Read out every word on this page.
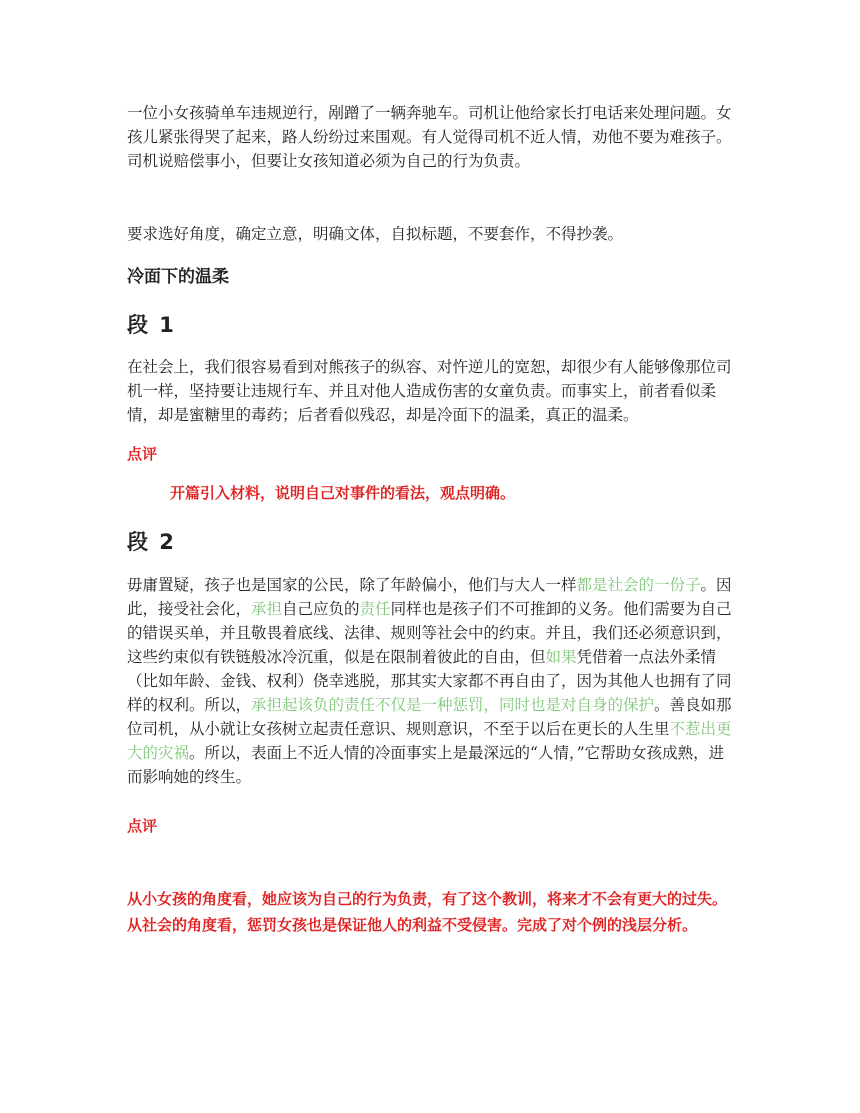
一位小女孩骑单车违规逆行，剐蹭了一辆奔驰车。司机让他给家长打电话来处理问题。女孩儿紧张得哭了起来，路人纷纷过来围观。有人觉得司机不近人情，劝他不要为难孩子。司机说赔偿事小，但要让女孩知道必须为自己的行为负责。
要求选好角度，确定立意，明确文体，自拟标题，不要套作，不得抄袭。
冷面下的温柔
段 1
在社会上，我们很容易看到对熊孩子的纵容、对忤逆儿的宽恕，却很少有人能够像那位司机一样，坚持要让违规行车、并且对他人造成伤害的女童负责。而事实上，前者看似柔情，却是蜜糖里的毒药；后者看似残忍，却是冷面下的温柔，真正的温柔。
点评
开篇引入材料，说明自己对事件的看法，观点明确。
段 2
毋庸置疑，孩子也是国家的公民，除了年龄偏小，他们与大人一样都是社会的一份子。因此，接受社会化，承担自己应负的责任同样也是孩子们不可推卸的义务。他们需要为自己的错误买单，并且敬畏着底线、法律、规则等社会中的约束。并且，我们还必须意识到，这些约束似有铁链般冰冷沉重，似是在限制着彼此的自由，但如果凭借着一点法外柔情（比如年龄、金钱、权利）侥幸逃脱，那其实大家都不再自由了，因为其他人也拥有了同样的权利。所以，承担起该负的责任不仅是一种惩罚，同时也是对自身的保护。善良如那位司机，从小就让女孩树立起责任意识、规则意识，不至于以后在更长的人生里不惹出更大的灾祸。所以，表面上不近人情的冷面事实上是最深远的“人情，”它帮助女孩成熟，进而影响她的终生。
点评
从小女孩的角度看，她应该为自己的行为负责，有了这个教训，将来才不会有更大的过失。从社会的角度看，惩罚女孩也是保证他人的利益不受侵害。完成了对个例的浅层分析。
